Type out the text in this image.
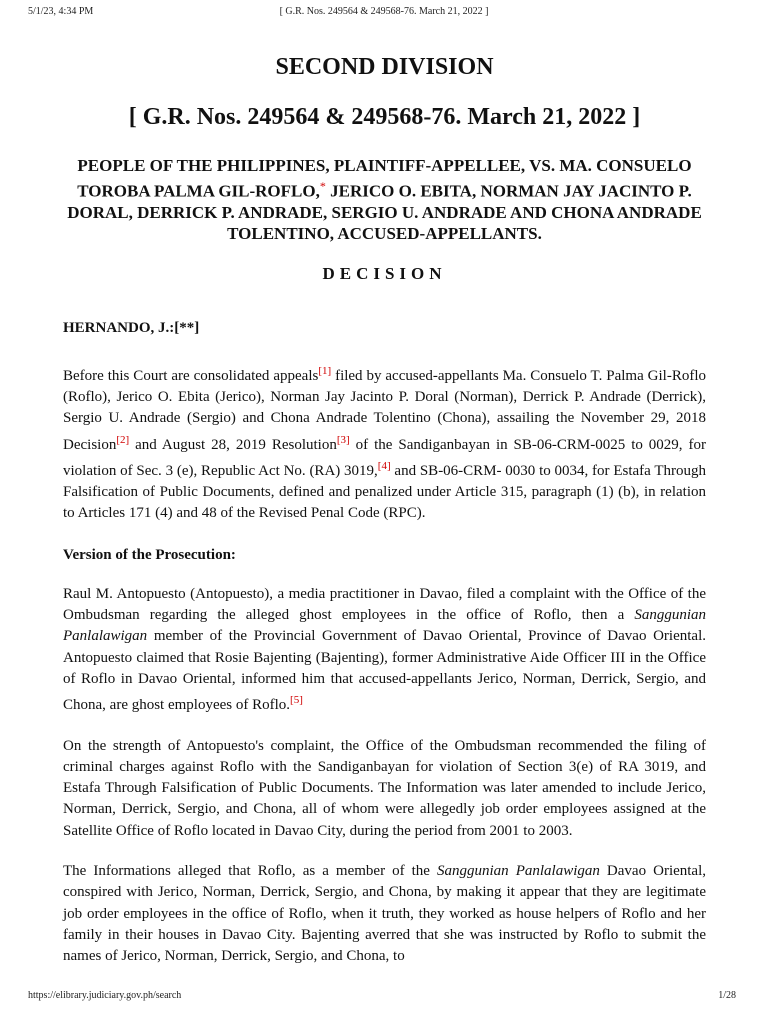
5/1/23, 4:34 PM	[ G.R. Nos. 249564 & 249568-76. March 21, 2022 ]
SECOND DIVISION
[ G.R. Nos. 249564 & 249568-76. March 21, 2022 ]
PEOPLE OF THE PHILIPPINES, PLAINTIFF-APPELLEE, VS. MA. CONSUELO TOROBA PALMA GIL-ROFLO,* JERICO O. EBITA, NORMAN JAY JACINTO P. DORAL, DERRICK P. ANDRADE, SERGIO U. ANDRADE AND CHONA ANDRADE TOLENTINO, ACCUSED-APPELLANTS.
DECISION
HERNANDO, J.:[**]

Before this Court are consolidated appeals[1] filed by accused-appellants Ma. Consuelo T. Palma Gil-Roflo (Roflo), Jerico O. Ebita (Jerico), Norman Jay Jacinto P. Doral (Norman), Derrick P. Andrade (Derrick), Sergio U. Andrade (Sergio) and Chona Andrade Tolentino (Chona), assailing the November 29, 2018 Decision[2] and August 28, 2019 Resolution[3] of the Sandiganbayan in SB-06-CRM-0025 to 0029, for violation of Sec. 3 (e), Republic Act No. (RA) 3019,[4] and SB-06-CRM- 0030 to 0034, for Estafa Through Falsification of Public Documents, defined and penalized under Article 315, paragraph (1) (b), in relation to Articles 171 (4) and 48 of the Revised Penal Code (RPC).

Version of the Prosecution:

Raul M. Antopuesto (Antopuesto), a media practitioner in Davao, filed a complaint with the Office of the Ombudsman regarding the alleged ghost employees in the office of Roflo, then a Sanggunian Panlalawigan member of the Provincial Government of Davao Oriental, Province of Davao Oriental. Antopuesto claimed that Rosie Bajenting (Bajenting), former Administrative Aide Officer III in the Office of Roflo in Davao Oriental, informed him that accused-appellants Jerico, Norman, Derrick, Sergio, and Chona, are ghost employees of Roflo.[5]

On the strength of Antopuesto's complaint, the Office of the Ombudsman recommended the filing of criminal charges against Roflo with the Sandiganbayan for violation of Section 3(e) of RA 3019, and Estafa Through Falsification of Public Documents. The Information was later amended to include Jerico, Norman, Derrick, Sergio, and Chona, all of whom were allegedly job order employees assigned at the Satellite Office of Roflo located in Davao City, during the period from 2001 to 2003.

The Informations alleged that Roflo, as a member of the Sanggunian Panlalawigan Davao Oriental, conspired with Jerico, Norman, Derrick, Sergio, and Chona, by making it appear that they are legitimate job order employees in the office of Roflo, when it truth, they worked as house helpers of Roflo and her family in their houses in Davao City. Bajenting averred that she was instructed by Roflo to submit the names of Jerico, Norman, Derrick, Sergio, and Chona, to

https://elibrary.judiciary.gov.ph/search	1/28
